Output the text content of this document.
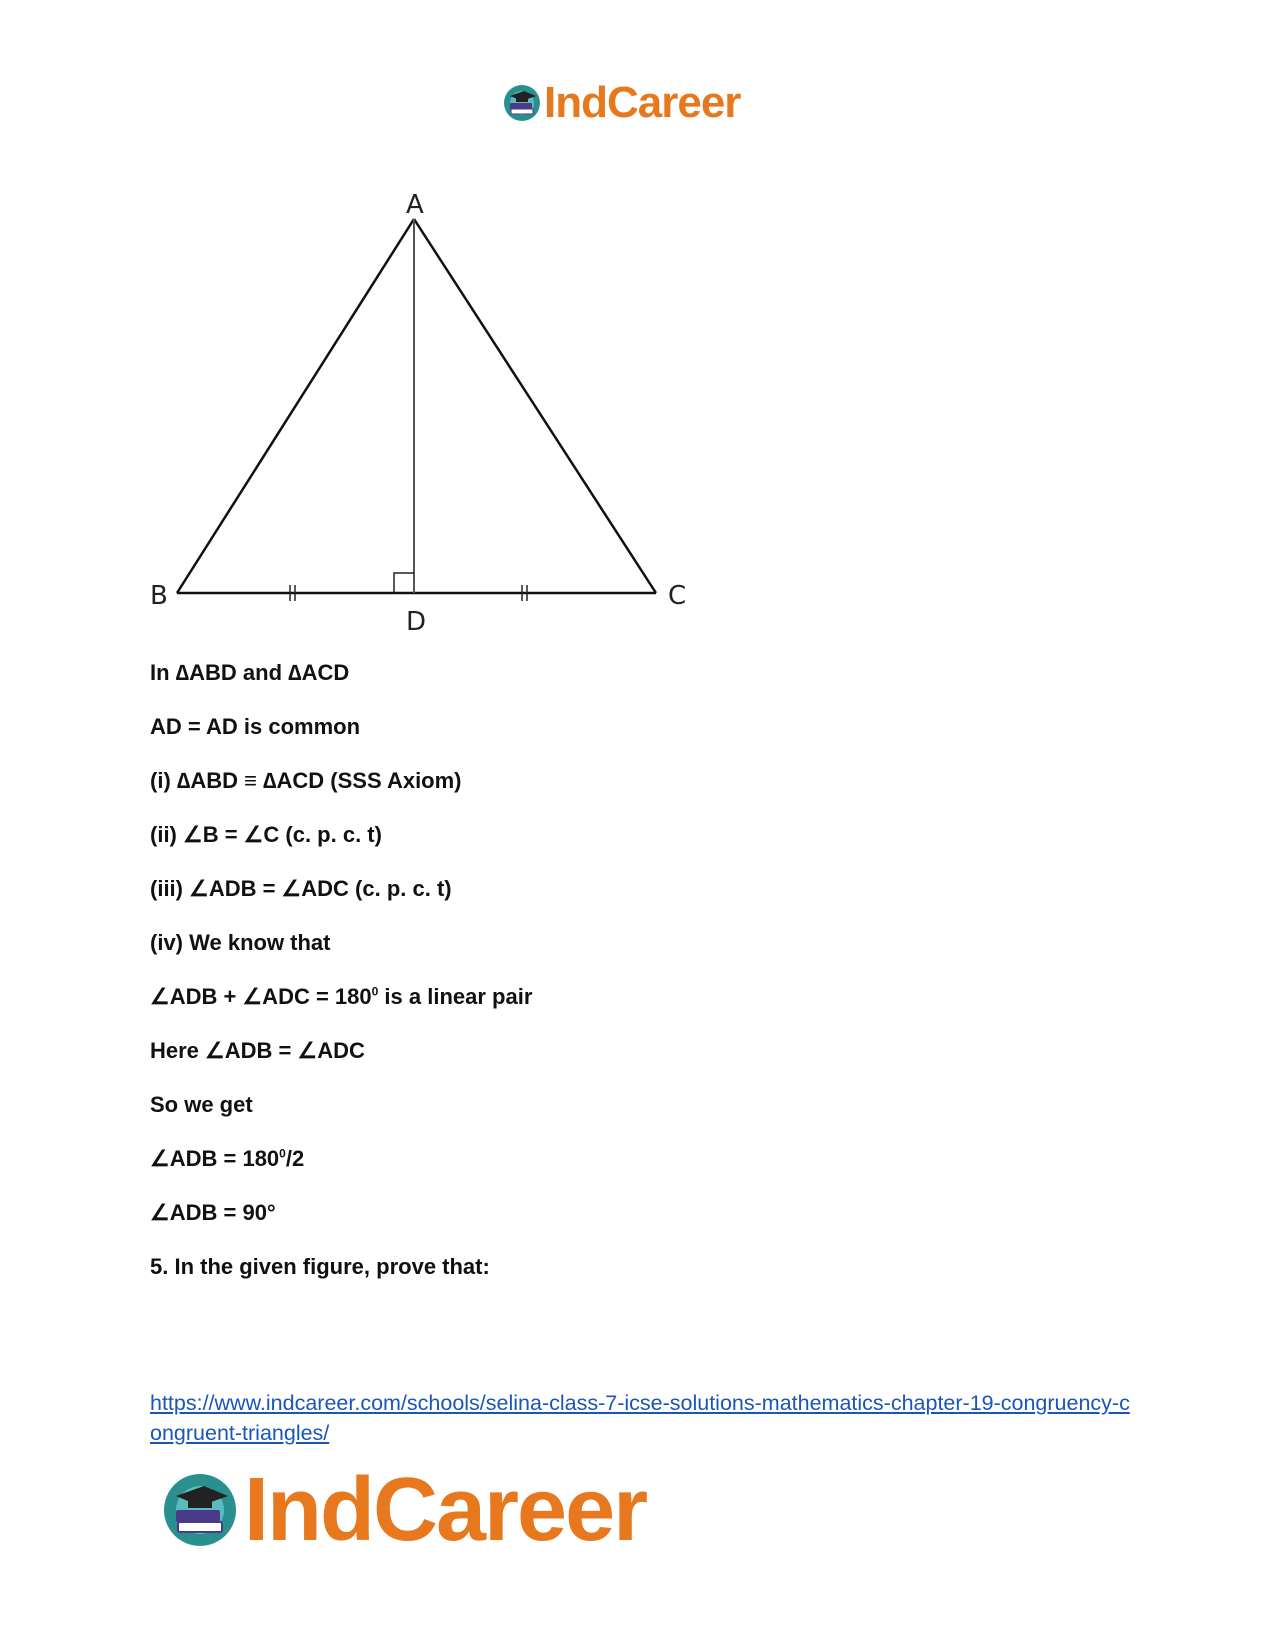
IndCareer
A
B	C
D
In ∆ABD and ∆ACD
AD = AD is common
(i) ∆ABD ≡ ∆ACD (SSS Axiom)
(ii) ∠B = ∠C (c. p. c. t)
(iii) ∠ADB = ∠ADC (c. p. c. t)
(iv) We know that
∠ADB + ∠ADC = $180^0$ is a linear pair
Here ∠ADB = ∠ADC
So we get
∠ADB = $180^0/2$
∠ADB = 90°
5. In the given figure, prove that:
https://www.indcareer.com/schools/selina-class-7-icse-solutions-mathematics-chapter-19-congruency-congruent-triangles/
IndCareer
